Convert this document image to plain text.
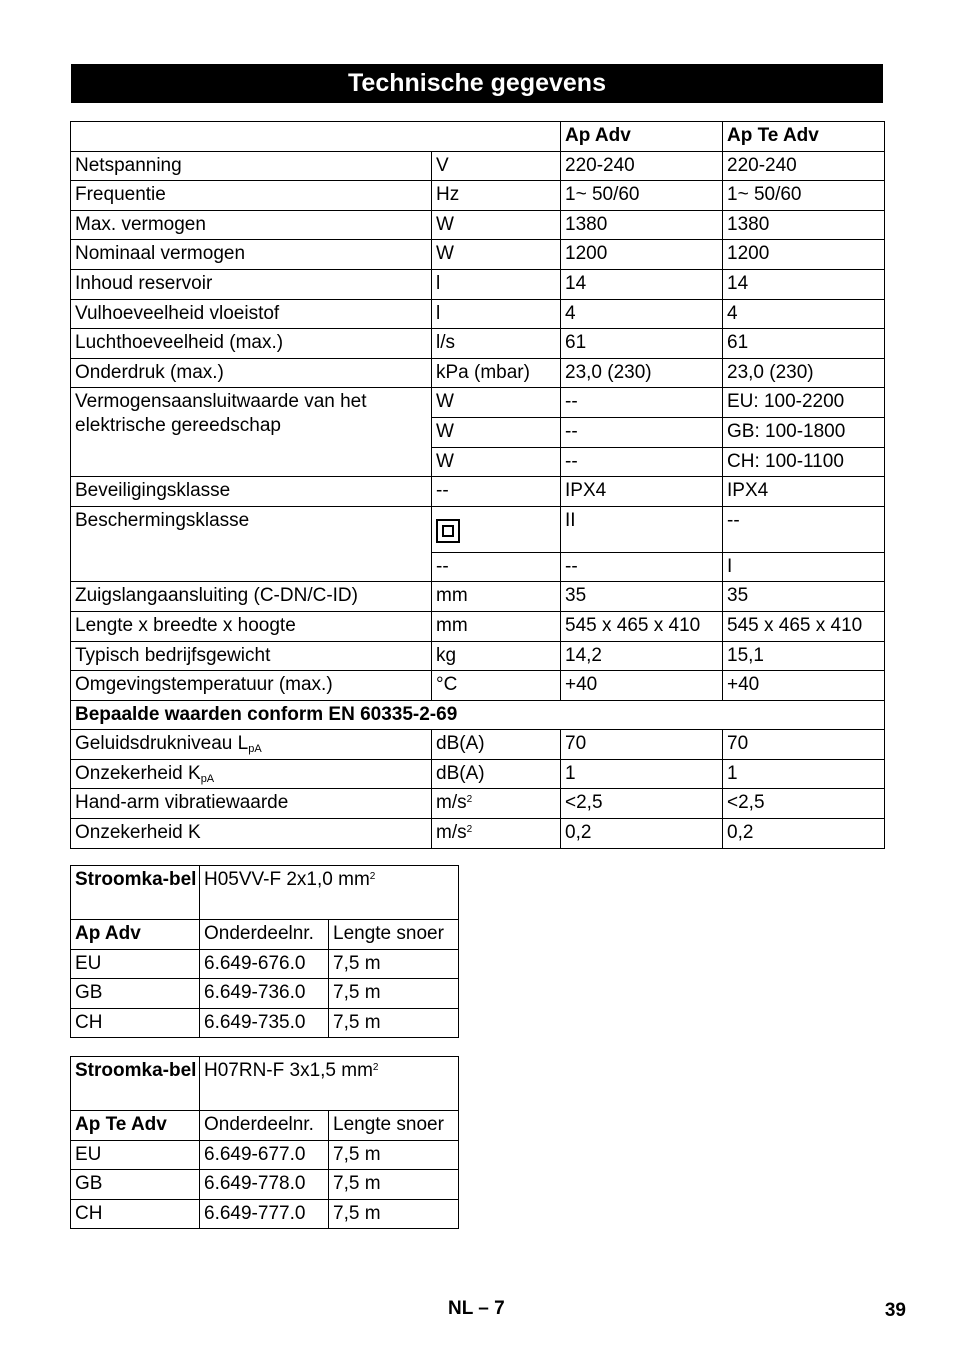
Technische gegevens
		Ap Adv	Ap Te Adv
Netspanning	V	220-240	220-240
Frequentie	Hz	1~ 50/60	1~ 50/60
Max. vermogen	W	1380	1380
Nominaal vermogen	W	1200	1200
Inhoud reservoir	l	14	14
Vulhoeveelheid vloeistof	l	4	4
Luchthoeveelheid (max.)	l/s	61	61
Onderdruk (max.)	kPa (mbar)	23,0 (230)	23,0 (230)
Vermogensaansluitwaarde van het elektrische gereedschap	W	--	EU: 100-2200
	W	--	GB: 100-1800
	W	--	CH: 100-1100
Beveiligingsklasse	--	IPX4	IPX4
Beschermingsklasse		II	--
	--	--	I
Zuigslangaansluiting (C-DN/C-ID)	mm	35	35
Lengte x breedte x hoogte	mm	545 x 465 x 410	545 x 465 x 410
Typisch bedrijfsgewicht	kg	14,2	15,1
Omgevingstemperatuur (max.)	°C	+40	+40
Bepaalde waarden conform EN 60335-2-69			
Geluidsdrukniveau $L_{pA}$	dB(A)	70	70
Onzekerheid $K_{pA}$	dB(A)	1	1
Hand-arm vibratiewaarde	$m/s^2$	<2,5	<2,5
Onzekerheid K	$m/s^2$	0,2	0,2
Stroomka-bel	H05VV-F 2x1,0 $mm^2$
Ap Adv	Onderdeelnr.	Lengte snoer
EU	6.649-676.0	7,5 m
GB	6.649-736.0	7,5 m
CH	6.649-735.0	7,5 m
Stroomka-bel	H07RN-F 3x1,5 $mm^2$
Ap Te Adv	Onderdeelnr.	Lengte snoer
EU	6.649-677.0	7,5 m
GB	6.649-778.0	7,5 m
CH	6.649-777.0	7,5 m
NL – 7	39
